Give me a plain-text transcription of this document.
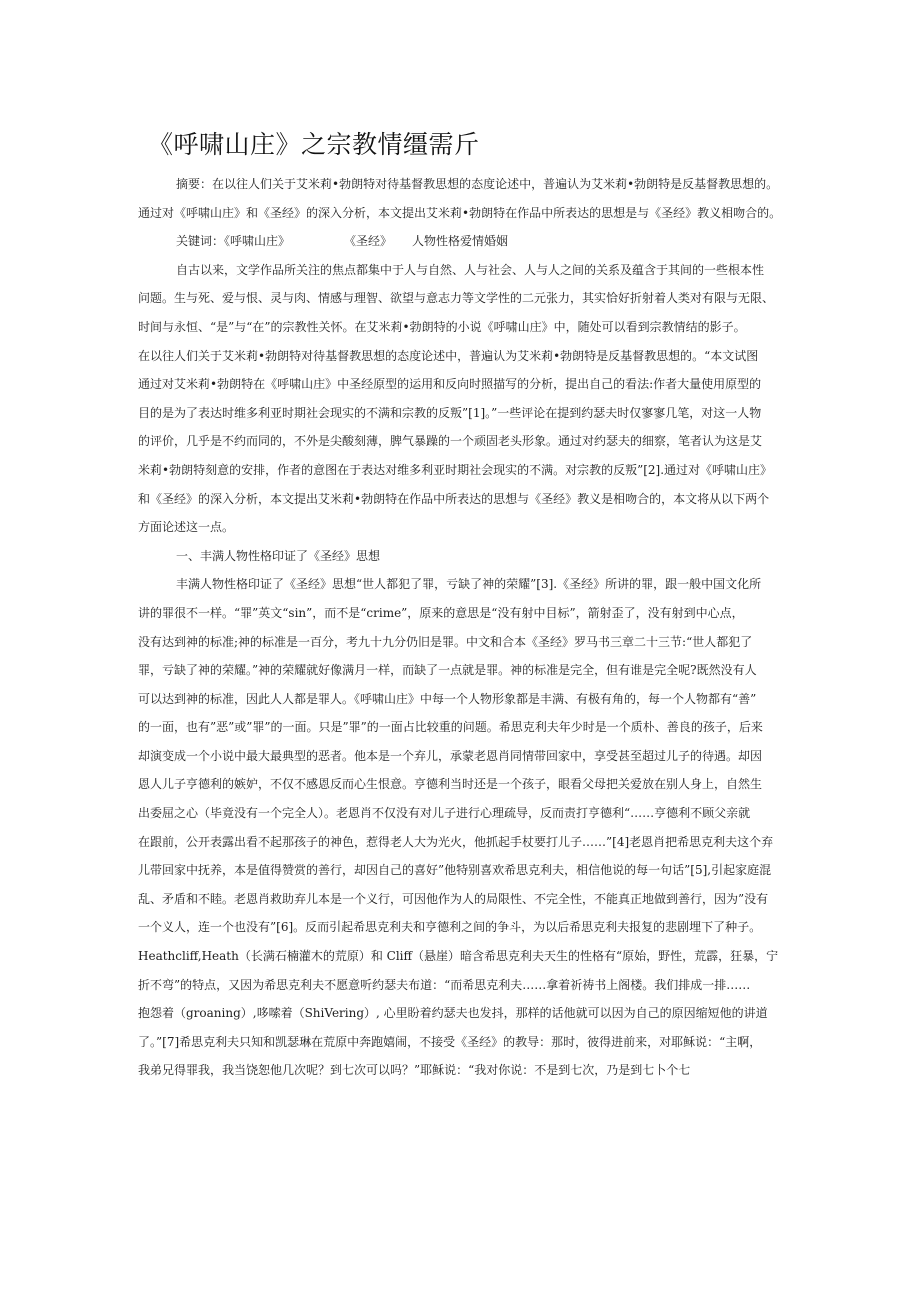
《呼啸山庄》之宗教情缰需斤
摘要：在以往人们关于艾米莉•勃朗特对待基督教思想的态度论述中，普遍认为艾米莉•勃朗特是反基督教思想的。
通过对《呼啸山庄》和《圣经》的深入分析，本文提出艾米莉•勃朗特在作品中所表达的思想是与《圣经》教义相吻合的。
关键词：《呼啸山庄》	《圣经》 人物性格爱情婚姻
自古以来，文学作品所关注的焦点都集中于人与自然、人与社会、人与人之间的关系及蕴含于其间的一些根本性
问题。生与死、爱与恨、灵与肉、情感与理智、欲望与意志力等文学性的二元张力，其实恰好折射着人类对有限与无限、
时间与永恒、“是”与“在”的宗教性关怀。在艾米莉•勃朗特的小说《呼啸山庄》中，随处可以看到宗教情结的影子。
在以往人们关于艾米莉•勃朗特对待基督教思想的态度论述中，普遍认为艾米莉•勃朗特是反基督教思想的。“本文试图
通过对艾米莉•勃朗特在《呼啸山庄》中圣经原型的运用和反向时照描写的分析，提出自己的看法:作者大量使用原型的
目的是为了表达时维多利亚时期社会现实的不满和宗教的反叛”[1]。”一些评论在提到约瑟夫时仅寥寥几笔，对这一人物
的评价，几乎是不约而同的，不外是尖酸刻薄，脾气暴躁的一个顽固老头形象。通过对约瑟夫的细察，笔者认为这是艾
米莉•勃朗特刻意的安排，作者的意图在于表达对维多利亚时期社会现实的不满。对宗教的反叛”[2].通过对《呼啸山庄》
和《圣经》的深入分析，本文提出艾米莉•勃朗特在作品中所表达的思想与《圣经》教义是相吻合的，本文将从以下两个
方面论述这一点。
一、丰满人物性格印证了《圣经》思想
丰满人物性格印证了《圣经》思想“世人都犯了罪，亏缺了神的荣耀”[3].《圣经》所讲的罪，跟一般中国文化所
讲的罪很不一样。“罪”英文“sin”，而不是“crime”，原来的意思是“没有射中目标”，箭射歪了，没有射到中心点，
没有达到神的标准;神的标准是一百分，考九十九分仍旧是罪。中文和合本《圣经》罗马书三章二十三节:“世人都犯了
罪，亏缺了神的荣耀。”神的荣耀就好像满月一样，而缺了一点就是罪。神的标准是完全，但有谁是完全呢?既然没有人
可以达到神的标准，因此人人都是罪人。《呼啸山庄》中每一个人物形象都是丰满、有极有角的，每一个人物都有“善”
的一面，也有”恶”或”罪”的一面。只是”罪”的一面占比较重的问题。希思克利夫年少时是一个质朴、善良的孩子，后来
却演变成一个小说中最大最典型的恶者。他本是一个弃儿，承蒙老恩肖同情带回家中，享受甚至超过儿子的待遇。却因
恩人儿子亨德利的嫉妒，不仅不感恩反而心生恨意。亨德利当时还是一个孩子，眼看父母把关爱放在别人身上，自然生
出委屈之心（毕竟没有一个完全人）。老恩肖不仅没有对儿子进行心理疏导，反而责打亨德利“……亨德利不顾父亲就
在跟前，公开表露出看不起那孩子的神色，惹得老人大为光火，他抓起手杖要打儿子……”[4]老恩肖把希思克利夫这个弃
儿带回家中抚养，本是值得赞赏的善行，却因自己的喜好”他特别喜欢希思克利夫，相信他说的每一句话”[5],引起家庭混
乱、矛盾和不睦。老恩肖救助弃儿本是一个义行，可因他作为人的局限性、不完全性，不能真正地做到善行，因为”没有
一个义人，连一个也没有”[6]。反而引起希思克利夫和亨德利之间的争斗，为以后希思克利夫报复的悲剧埋下了种子。
Heathcliff,Heath（长满石楠灌木的荒原）和 Cliff（悬崖）暗含希思克利夫天生的性格有“原始，野性，荒霹，狂暴，宁
折不弯”的特点，又因为希思克利夫不愿意听约瑟夫布道：“而希思克利夫……拿着祈祷书上阁楼。我们排成一排……
抱怨着（groaning）,哆嗦着（ShiVering）, 心里盼着约瑟夫也发抖，那样的话他就可以因为自己的原因缩短他的讲道
了。”[7]希思克利夫只知和凯瑟琳在荒原中奔跑嬉闹，不接受《圣经》的教导：那时，彼得进前来，对耶稣说：“主啊，
我弟兄得罪我，我当饶恕他几次呢？到七次可以吗？”耶稣说：“我对你说：不是到七次，乃是到七卜个七
